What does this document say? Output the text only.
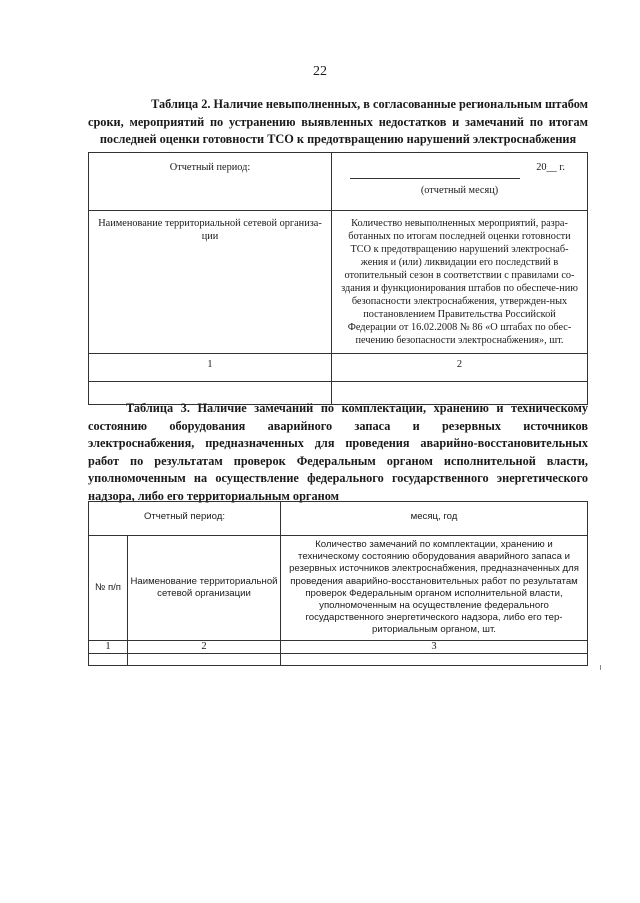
22
Таблица 2. Наличие невыполненных, в согласованные региональным штабом
сроки, мероприятий по устранению выявленных недостатков и замечаний по итогам
последней оценки готовности ТСО к предотвращению нарушений электроснабжения
Отчетный период:	20__ г.
(отчетный месяц)

Наименование территориальной сетевой организа-ции	Количество невыполненных мероприятий, разра-ботанных по итогам последней оценки готовности ТСО к предотвращению нарушений электроснаб-жения и (или) ликвидации его последствий в отопительный сезон в соответствии с правилами со-здания и функционирования штабов по обеспече-нию безопасности электроснабжения, утвержден-ных постановлением Правительства Российской Федерации от 16.02.2008 № 86 «О штабах по обес-печению безопасности электроснабжения», шт.
1	2

Таблица 3. Наличие замечаний по комплектации, хранению и техническому
состоянию оборудования аварийного запаса и резервных источников
электроснабжения, предназначенных для проведения аварийно-восстановительных
работ по результатам проверок Федеральным органом исполнительной власти,
уполномоченным на осуществление федерального государственного энергетического
надзора, либо его территориальным органом
Отчетный период:		месяц, год
№ п/п	Наименование территориальной сетевой организации	Количество замечаний по комплектации, хранению и техническому состоянию оборудования аварийного запаса и резервных источников электроснабжения, предназначенных для проведения аварийно-восстановительных работ по результатам проверок Федеральным органом исполнительной власти, уполномоченным на осуществление федерального государственного энергетического надзора, либо его тер-риториальным органом, шт.
1	2	3
